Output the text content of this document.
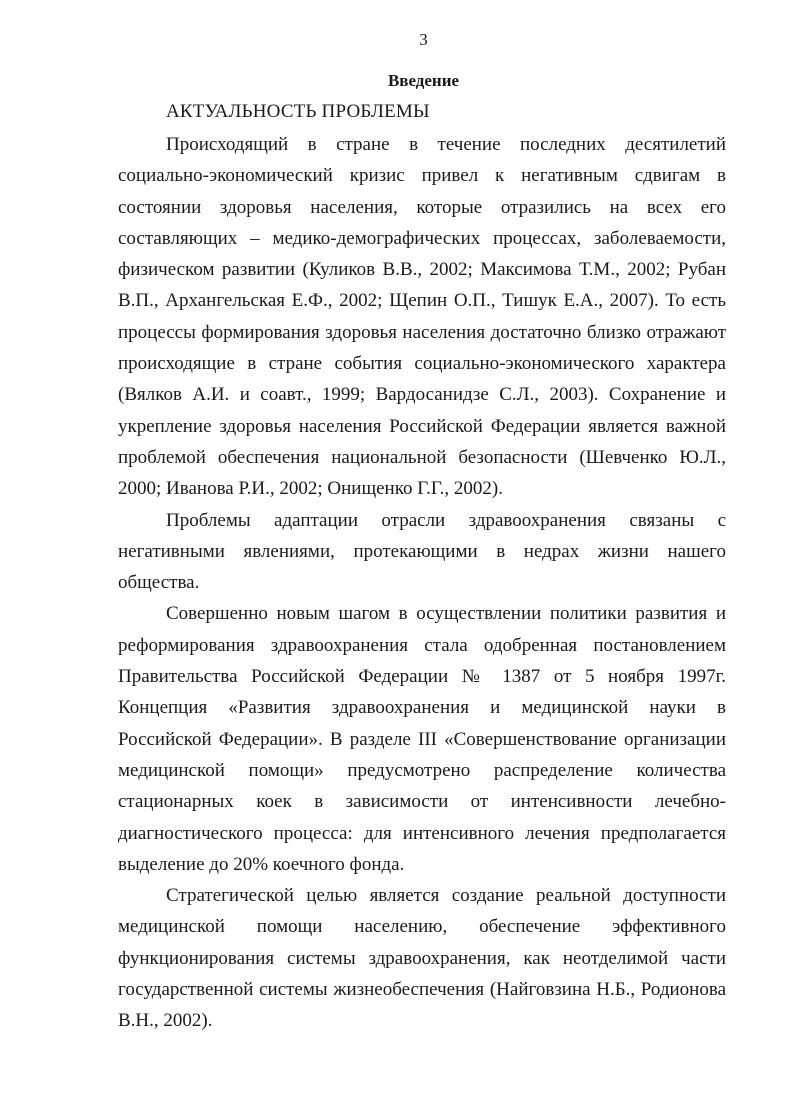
3
Введение
АКТУАЛЬНОСТЬ ПРОБЛЕМЫ

Происходящий в стране в течение последних десятилетий социально-экономический кризис привел к негативным сдвигам в состоянии здоровья населения, которые отразились на всех его составляющих – медико-демографических процессах, заболеваемости, физическом развитии (Куликов В.В., 2002; Максимова Т.М., 2002; Рубан В.П., Архангельская Е.Ф., 2002; Щепин О.П., Тишук Е.А., 2007). То есть процессы формирования здоровья населения достаточно близко отражают происходящие в стране события социально-экономического характера (Вялков А.И. и соавт., 1999; Вардосанидзе С.Л., 2003). Сохранение и укрепление здоровья населения Российской Федерации является важной проблемой обеспечения национальной безопасности (Шевченко Ю.Л., 2000; Иванова Р.И., 2002; Онищенко Г.Г., 2002).

Проблемы адаптации отрасли здравоохранения связаны с негативными явлениями, протекающими в недрах жизни нашего общества.

Совершенно новым шагом в осуществлении политики развития и реформирования здравоохранения стала одобренная постановлением Правительства Российской Федерации № 1387 от 5 ноября 1997г. Концепция «Развития здравоохранения и медицинской науки в Российской Федерации». В разделе III «Совершенствование организации медицинской помощи» предусмотрено распределение количества стационарных коек в зависимости от интенсивности лечебно-диагностического процесса: для интенсивного лечения предполагается выделение до 20% коечного фонда.

Стратегической целью является создание реальной доступности медицинской помощи населению, обеспечение эффективного функционирования системы здравоохранения, как неотделимой части государственной системы жизнеобеспечения (Найговзина Н.Б., Родионова В.Н., 2002).
